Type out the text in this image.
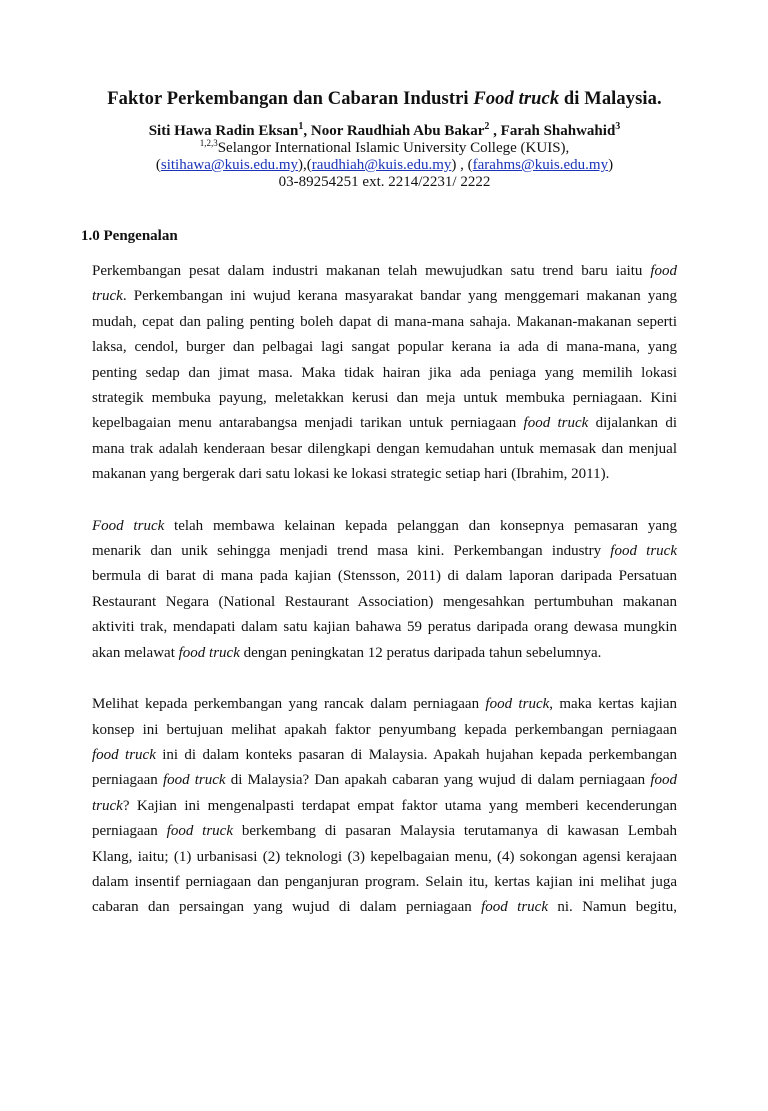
Faktor Perkembangan dan Cabaran Industri Food truck di Malaysia.
Siti Hawa Radin Eksan$^1$, Noor Raudhiah Abu Bakar$^2$ , Farah Shahwahid$^3$
$^{1,2,3}$Selangor International Islamic University College (KUIS),
(sitihawa@kuis.edu.my),(raudhiah@kuis.edu.my) , (farahms@kuis.edu.my)
03-89254251 ext. 2214/2231/ 2222
1.0 Pengenalan
Perkembangan pesat dalam industri makanan telah mewujudkan satu trend baru iaitu food
truck. Perkembangan ini wujud kerana masyarakat bandar yang menggemari makanan yang
mudah, cepat dan paling penting boleh dapat di mana-mana sahaja. Makanan-makanan seperti
laksa, cendol, burger dan pelbagai lagi sangat popular kerana ia ada di mana-mana, yang
penting sedap dan jimat masa. Maka tidak hairan jika ada peniaga yang memilih lokasi
strategik membuka payung, meletakkan kerusi dan meja untuk membuka perniagaan. Kini
kepelbagaian menu antarabangsa menjadi tarikan untuk perniagaan food truck dijalankan di
mana trak adalah kenderaan besar dilengkapi dengan kemudahan untuk memasak dan menjual
makanan yang bergerak dari satu lokasi ke lokasi strategic setiap hari (Ibrahim, 2011).
Food truck telah membawa kelainan kepada pelanggan dan konsepnya pemasaran yang
menarik dan unik sehingga menjadi trend masa kini. Perkembangan industry food truck
bermula di barat di mana pada kajian (Stensson, 2011) di dalam laporan daripada Persatuan
Restaurant Negara (National Restaurant Association) mengesahkan pertumbuhan makanan
aktiviti trak, mendapati dalam satu kajian bahawa 59 peratus daripada orang dewasa mungkin
akan melawat food truck dengan peningkatan 12 peratus daripada tahun sebelumnya.
Melihat kepada perkembangan yang rancak dalam perniagaan food truck, maka kertas kajian
konsep ini bertujuan melihat apakah faktor penyumbang kepada perkembangan perniagaan
food truck ini di dalam konteks pasaran di Malaysia. Apakah hujahan kepada perkembangan
perniagaan food truck di Malaysia? Dan apakah cabaran yang wujud di dalam perniagaan food
truck? Kajian ini mengenalpasti terdapat empat faktor utama yang memberi kecenderungan
perniagaan food truck berkembang di pasaran Malaysia terutamanya di kawasan Lembah
Klang, iaitu; (1) urbanisasi (2) teknologi (3) kepelbagaian menu, (4) sokongan agensi kerajaan
dalam insentif perniagaan dan penganjuran program. Selain itu, kertas kajian ini melihat juga
cabaran dan persaingan yang wujud di dalam perniagaan food truck ni. Namun begitu,
